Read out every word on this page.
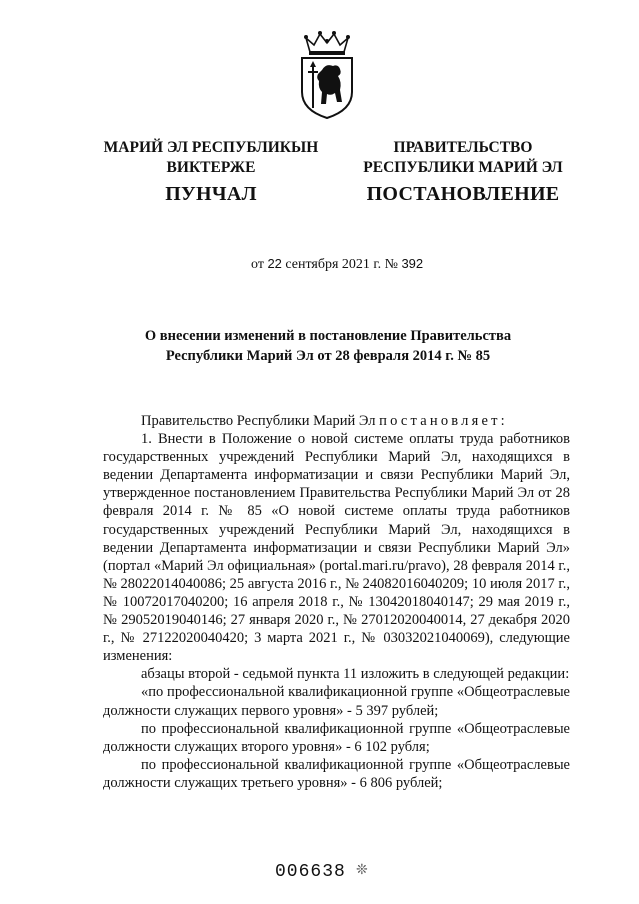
МАРИЙ ЭЛ РЕСПУБЛИКЫН
ВИКТЕРЖЕ
ПУНЧАЛ
ПРАВИТЕЛЬСТВО
РЕСПУБЛИКИ МАРИЙ ЭЛ
ПОСТАНОВЛЕНИЕ
от 22 сентября 2021 г. № 392
О внесении изменений в постановление Правительства
Республики Марий Эл от 28 февраля 2014 г. № 85

Правительство Республики Марий Эл постановляет:

1. Внести в Положение о новой системе оплаты труда работников государственных учреждений Республики Марий Эл, находящихся в ведении Департамента информатизации и связи Республики Марий Эл, утвержденное постановлением Правительства Республики Марий Эл от 28 февраля 2014 г. № 85 «О новой системе оплаты труда работников государственных учреждений Республики Марий Эл, находящихся в ведении Департамента информатизации и связи Республики Марий Эл» (портал «Марий Эл официальная» (portal.mari.ru/pravo), 28 февраля 2014 г., № 28022014040086; 25 августа 2016 г., № 24082016040209; 10 июля 2017 г., № 10072017040200; 16 апреля 2018 г., № 13042018040147; 29 мая 2019 г., № 29052019040146; 27 января 2020 г., № 27012020040014, 27 декабря 2020 г., № 27122020040420; 3 марта 2021 г., № 03032021040069), следующие изменения:

абзацы второй - седьмой пункта 11 изложить в следующей редакции:

«по профессиональной квалификационной группе «Общеотраслевые должности служащих первого уровня» - 5 397 рублей;

по профессиональной квалификационной группе «Общеотраслевые должности служащих второго уровня» - 6 102 рубля;

по профессиональной квалификационной группе «Общеотраслевые должности служащих третьего уровня» - 6 806 рублей;

006638 ❊
